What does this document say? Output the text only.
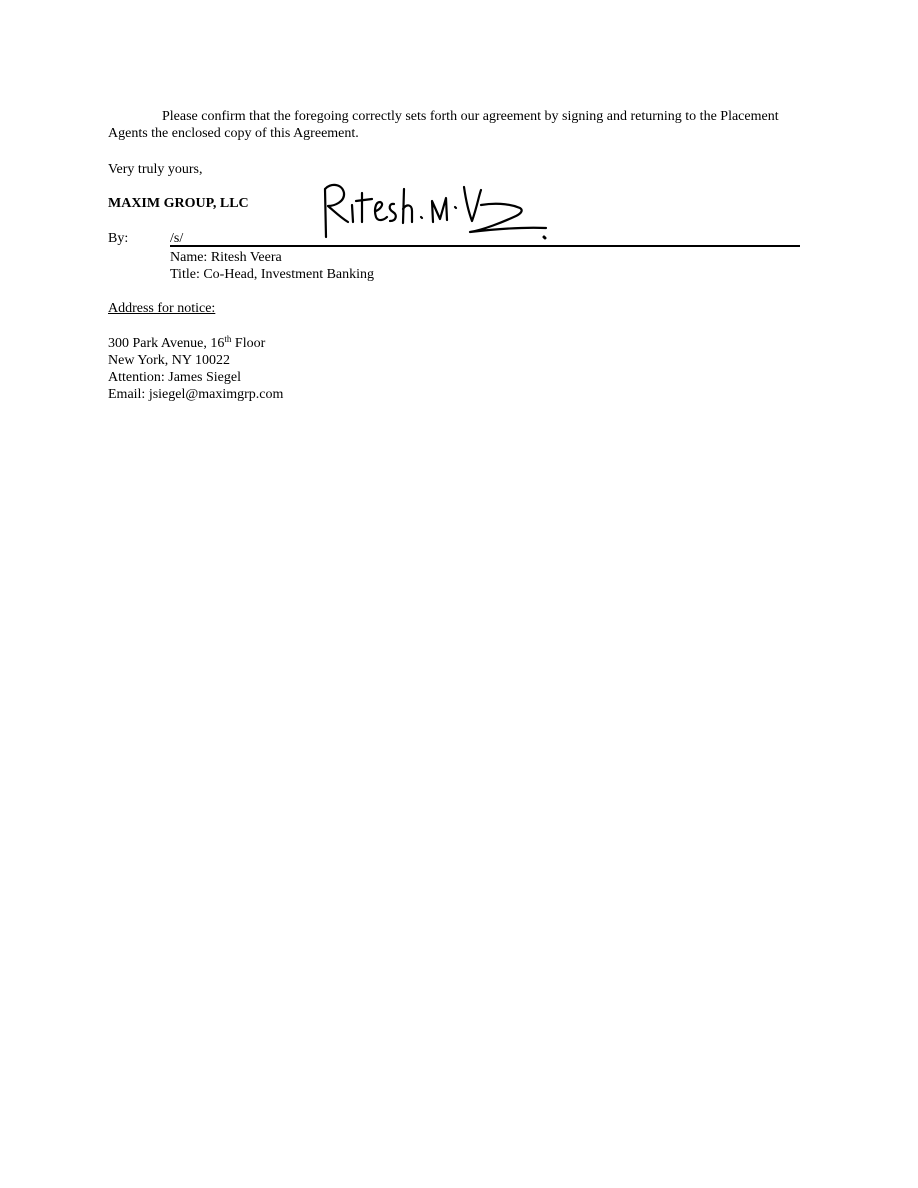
Please confirm that the foregoing correctly sets forth our agreement by signing and returning to the Placement Agents the enclosed copy of this Agreement.
Very truly yours,
MAXIM GROUP, LLC
By:	/s/
Name: Ritesh Veera
Title: Co-Head, Investment Banking
Address for notice:
300 Park Avenue, 16th Floor
New York, NY 10022
Attention: James Siegel
Email: jsiegel@maximgrp.com
